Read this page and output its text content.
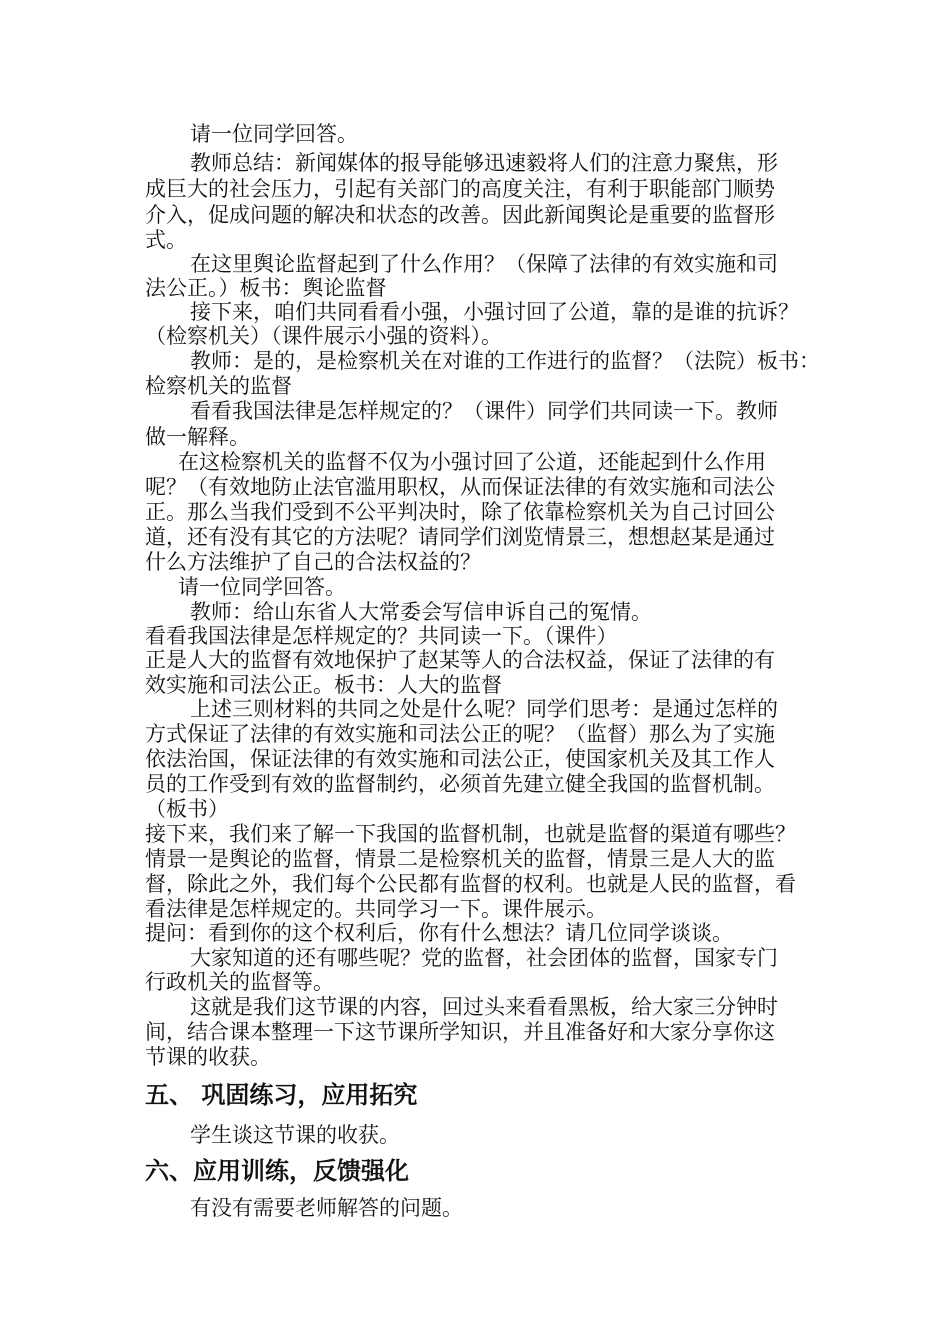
请一位同学回答。

教师总结：新闻媒体的报导能够迅速毅将人们的注意力聚焦，形

成巨大的社会压力，引起有关部门的高度关注，有利于职能部门顺势

介入，促成问题的解决和状态的改善。因此新闻舆论是重要的监督形

式。

在这里舆论监督起到了什么作用？（保障了法律的有效实施和司

法公正。）板书：舆论监督

接下来，咱们共同看看小强，小强讨回了公道，靠的是谁的抗诉？

（检察机关）（课件展示小强的资料）。

教师：是的，是检察机关在对谁的工作进行的监督？（法院）板书：

检察机关的监督

看看我国法律是怎样规定的？（课件）同学们共同读一下。教师

做一解释。

在这检察机关的监督不仅为小强讨回了公道，还能起到什么作用

呢？（有效地防止法官滥用职权，从而保证法律的有效实施和司法公

正。那么当我们受到不公平判决时，除了依靠检察机关为自己讨回公

道，还有没有其它的方法呢？请同学们浏览情景三，想想赵某是通过

什么方法维护了自己的合法权益的？

请一位同学回答。

教师：给山东省人大常委会写信申诉自己的冤情。

看看我国法律是怎样规定的？共同读一下。（课件）

正是人大的监督有效地保护了赵某等人的合法权益，保证了法律的有

效实施和司法公正。板书：人大的监督

上述三则材料的共同之处是什么呢？同学们思考：是通过怎样的

方式保证了法律的有效实施和司法公正的呢？（监督）那么为了实施

依法治国，保证法律的有效实施和司法公正，使国家机关及其工作人

员的工作受到有效的监督制约，必须首先建立健全我国的监督机制。

（板书）

接下来，我们来了解一下我国的监督机制，也就是监督的渠道有哪些？

情景一是舆论的监督，情景二是检察机关的监督，情景三是人大的监

督，除此之外，我们每个公民都有监督的权利。也就是人民的监督，看

看法律是怎样规定的。共同学习一下。课件展示。

提问：看到你的这个权利后，你有什么想法？请几位同学谈谈。

大家知道的还有哪些呢？党的监督，社会团体的监督，国家专门

行政机关的监督等。

这就是我们这节课的内容，回过头来看看黑板，给大家三分钟时

间，结合课本整理一下这节课所学知识，并且准备好和大家分享你这

节课的收获。

五、 巩固练习，应用拓究

学生谈这节课的收获。

六、应用训练，反馈强化

有没有需要老师解答的问题。
